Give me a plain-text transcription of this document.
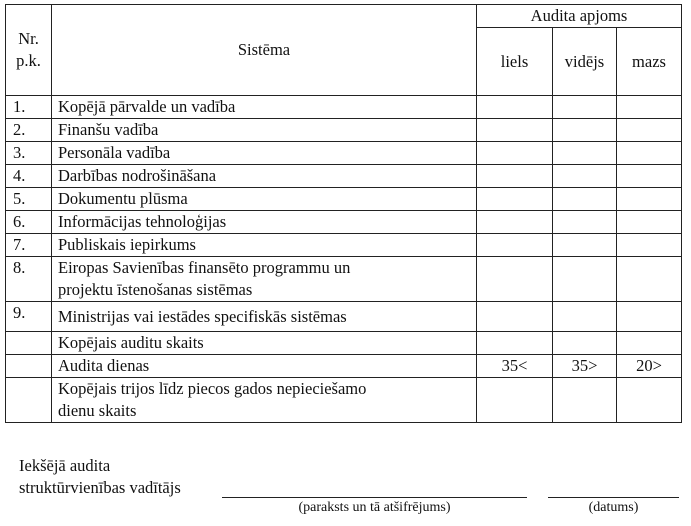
Nr.
p.k.	Sistēma	Audita apjoms		
		liels	vidējs	mazs
1.	Kopējā pārvalde un vadība			
2.	Finanšu vadība			
3.	Personāla vadība			
4.	Darbības nodrošināšana			
5.	Dokumentu plūsma			
6.	Informācijas tehnoloģijas			
7.	Publiskais iepirkums			
8.	Eiropas Savienības finansēto programmu un
projektu īstenošanas sistēmas			

9.	Ministrijas vai iestādes specifiskās sistēmas			
	Kopējais auditu skaits			
	Audita dienas	35<	35>	20>

	Kopējais trijos līdz piecos gados nepieciešamo
dienu skaits			

Iekšējā audita
struktūrvienības vadītājs
(paraksts un tā atšifrējums)	(datums)
